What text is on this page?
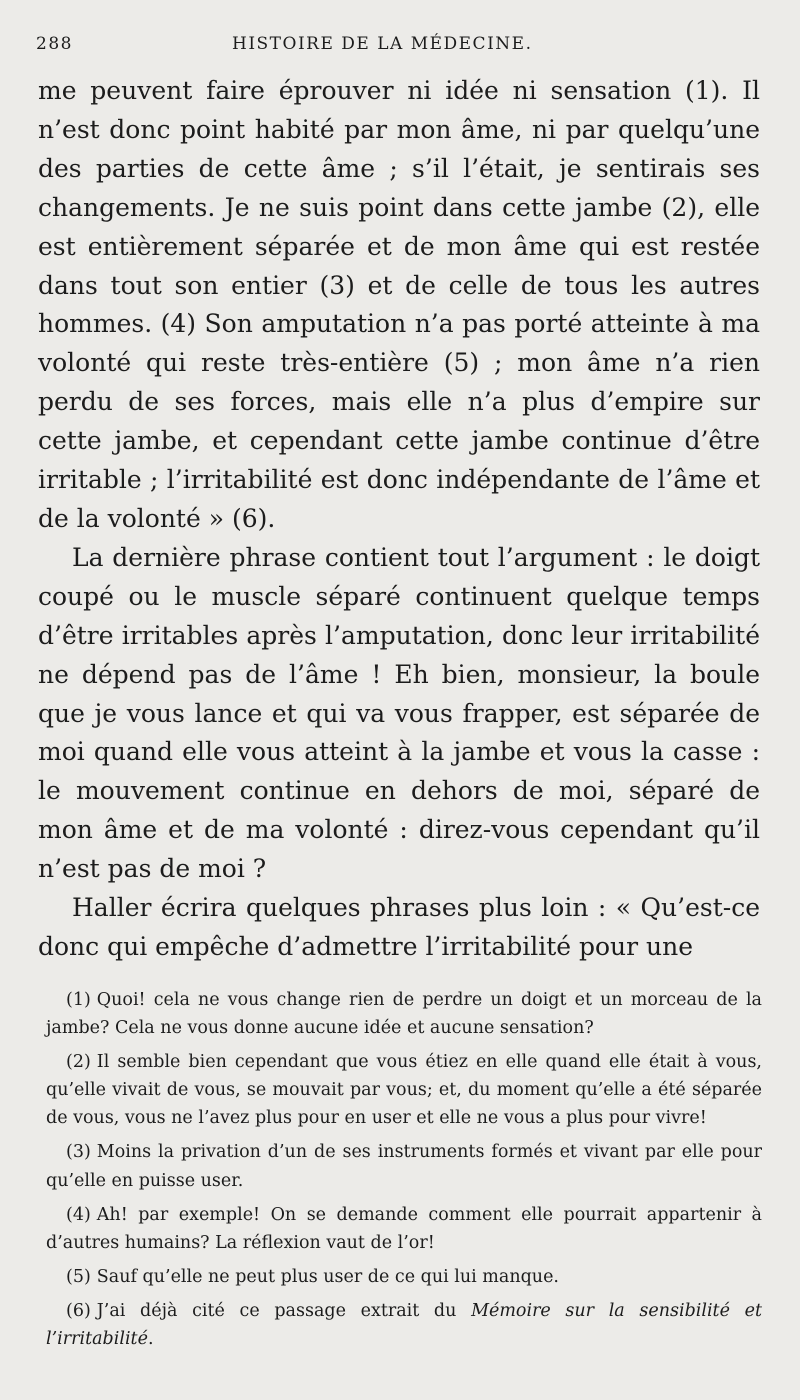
288	HISTOIRE DE LA MÉDECINE.

me peuvent faire éprouver ni idée ni sensation (1). Il n’est donc point habité par mon âme, ni par quelqu’une des parties de cette âme ; s’il l’était, je sentirais ses changements. Je ne suis point dans cette jambe (2), elle est entièrement séparée et de mon âme qui est restée dans tout son entier (3) et de celle de tous les autres hommes. (4) Son amputation n’a pas porté atteinte à ma volonté qui reste très-entière (5) ; mon âme n’a rien perdu de ses forces, mais elle n’a plus d’empire sur cette jambe, et cependant cette jambe continue d’être irritable ; l’irritabilité est donc indépendante de l’âme et de la volonté » (6).

La dernière phrase contient tout l’argument : le doigt coupé ou le muscle séparé continuent quelque temps d’être irritables après l’amputation, donc leur irritabilité ne dépend pas de l’âme ! Eh bien, monsieur, la boule que je vous lance et qui va vous frapper, est séparée de moi quand elle vous atteint à la jambe et vous la casse : le mouvement continue en dehors de moi, séparé de mon âme et de ma volonté : direz-vous cependant qu’il n’est pas de moi ?

Haller écrira quelques phrases plus loin : « Qu’est-ce donc qui empêche d’admettre l’irritabilité pour une

(1) Quoi! cela ne vous change rien de perdre un doigt et un morceau de la jambe? Cela ne vous donne aucune idée et aucune sensation?

(2) Il semble bien cependant que vous étiez en elle quand elle était à vous, qu’elle vivait de vous, se mouvait par vous; et, du moment qu’elle a été séparée de vous, vous ne l’avez plus pour en user et elle ne vous a plus pour vivre!

(3) Moins la privation d’un de ses instruments formés et vivant par elle pour qu’elle en puisse user.

(4) Ah! par exemple! On se demande comment elle pourrait appartenir à d’autres humains? La réflexion vaut de l’or!

(5) Sauf qu’elle ne peut plus user de ce qui lui manque.

(6) J’ai déjà cité ce passage extrait du Mémoire sur la sensibilité et l’irritabilité.
